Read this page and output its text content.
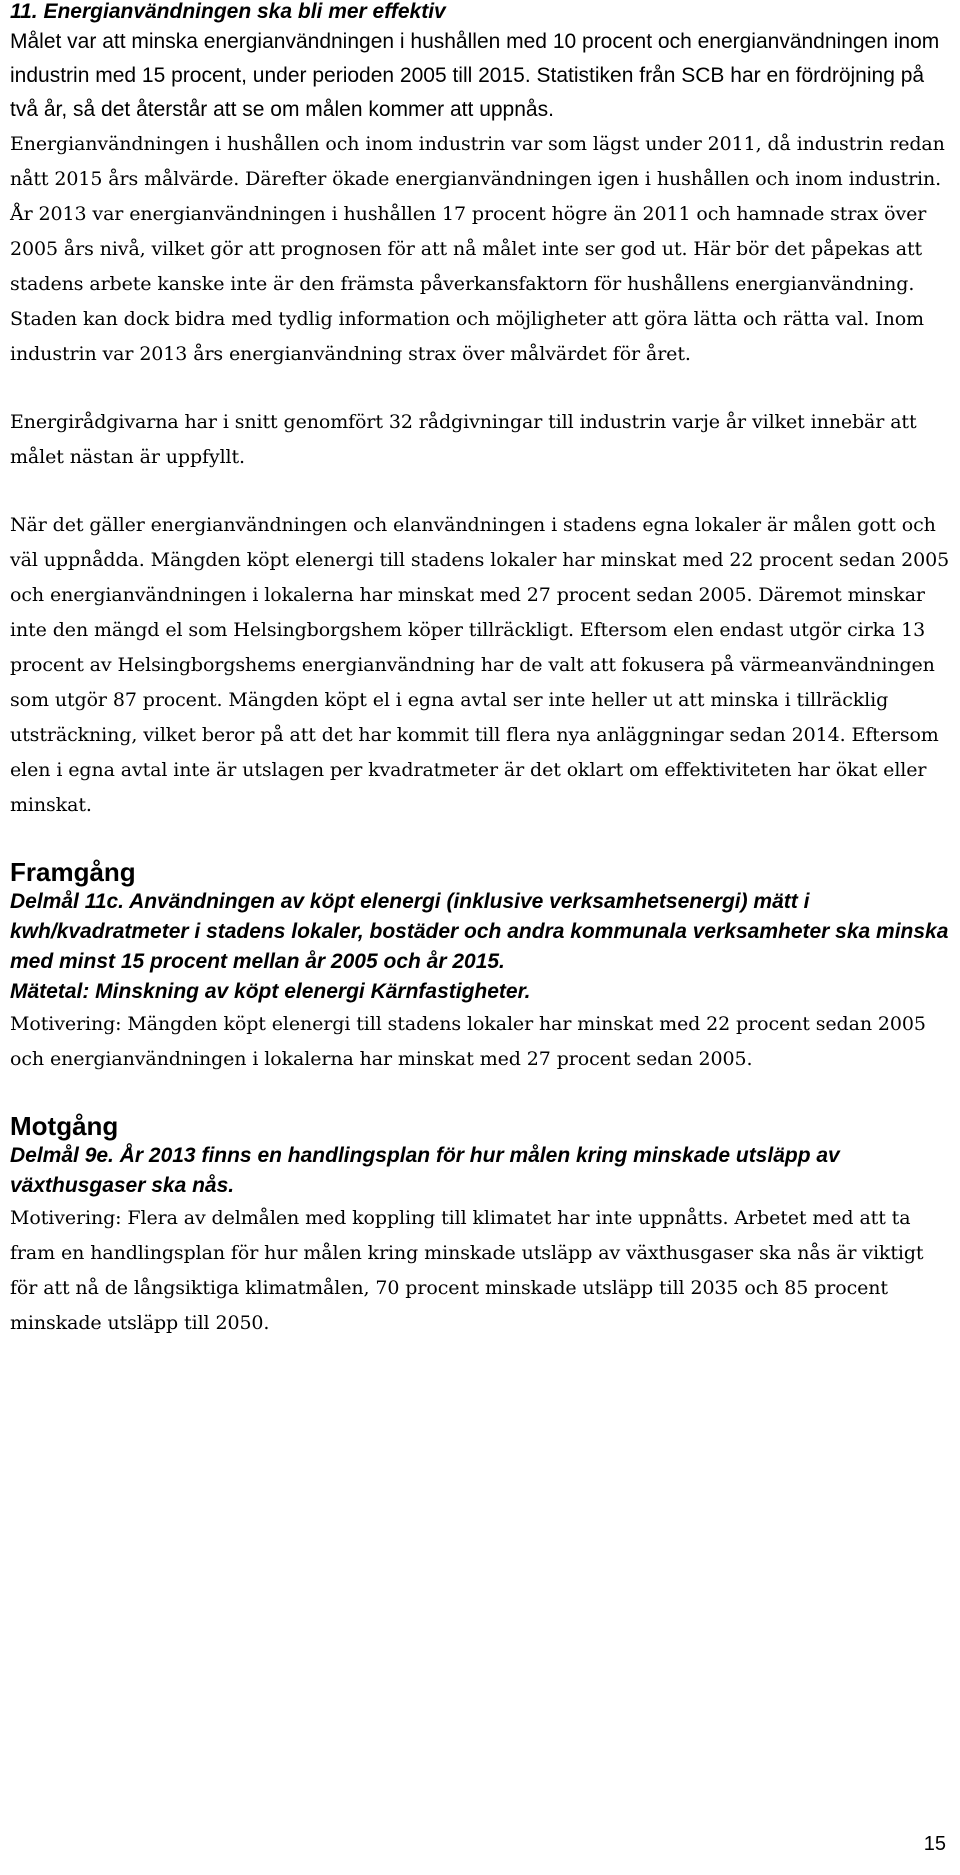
11. Energianvändningen ska bli mer effektiv

Målet var att minska energianvändningen i hushållen med 10 procent och energianvändningen inom industrin med 15 procent, under perioden 2005 till 2015. Statistiken från SCB har en fördröjning på två år, så det återstår att se om målen kommer att uppnås.

Energianvändningen i hushållen och inom industrin var som lägst under 2011, då industrin redan nått 2015 års målvärde. Därefter ökade energianvändningen igen i hushållen och inom industrin. År 2013 var energianvändningen i hushållen 17 procent högre än 2011 och hamnade strax över 2005 års nivå, vilket gör att prognosen för att nå målet inte ser god ut. Här bör det påpekas att stadens arbete kanske inte är den främsta påverkansfaktorn för hushållens energianvändning. Staden kan dock bidra med tydlig information och möjligheter att göra lätta och rätta val. Inom industrin var 2013 års energianvändning strax över målvärdet för året.

Energirådgivarna har i snitt genomfört 32 rådgivningar till industrin varje år vilket innebär att målet nästan är uppfyllt.

När det gäller energianvändningen och elanvändningen i stadens egna lokaler är målen gott och väl uppnådda. Mängden köpt elenergi till stadens lokaler har minskat med 22 procent sedan 2005 och energianvändningen i lokalerna har minskat med 27 procent sedan 2005. Däremot minskar inte den mängd el som Helsingborgshem köper tillräckligt. Eftersom elen endast utgör cirka 13 procent av Helsingborgshems energianvändning har de valt att fokusera på värmeanvändningen som utgör 87 procent. Mängden köpt el i egna avtal ser inte heller ut att minska i tillräcklig utsträckning, vilket beror på att det har kommit till flera nya anläggningar sedan 2014. Eftersom elen i egna avtal inte är utslagen per kvadratmeter är det oklart om effektiviteten har ökat eller minskat.

Framgång

Delmål 11c. Användningen av köpt elenergi (inklusive verksamhetsenergi) mätt i kwh/kvadratmeter i stadens lokaler, bostäder och andra kommunala verksamheter ska minska med minst 15 procent mellan år 2005 och år 2015.

Mätetal: Minskning av köpt elenergi Kärnfastigheter.

Motivering: Mängden köpt elenergi till stadens lokaler har minskat med 22 procent sedan 2005 och energianvändningen i lokalerna har minskat med 27 procent sedan 2005.

Motgång

Delmål 9e. År 2013 finns en handlingsplan för hur målen kring minskade utsläpp av växthusgaser ska nås.

Motivering: Flera av delmålen med koppling till klimatet har inte uppnåtts. Arbetet med att ta fram en handlingsplan för hur målen kring minskade utsläpp av växthusgaser ska nås är viktigt för att nå de långsiktiga klimatmålen, 70 procent minskade utsläpp till 2035 och 85 procent minskade utsläpp till 2050.

15
